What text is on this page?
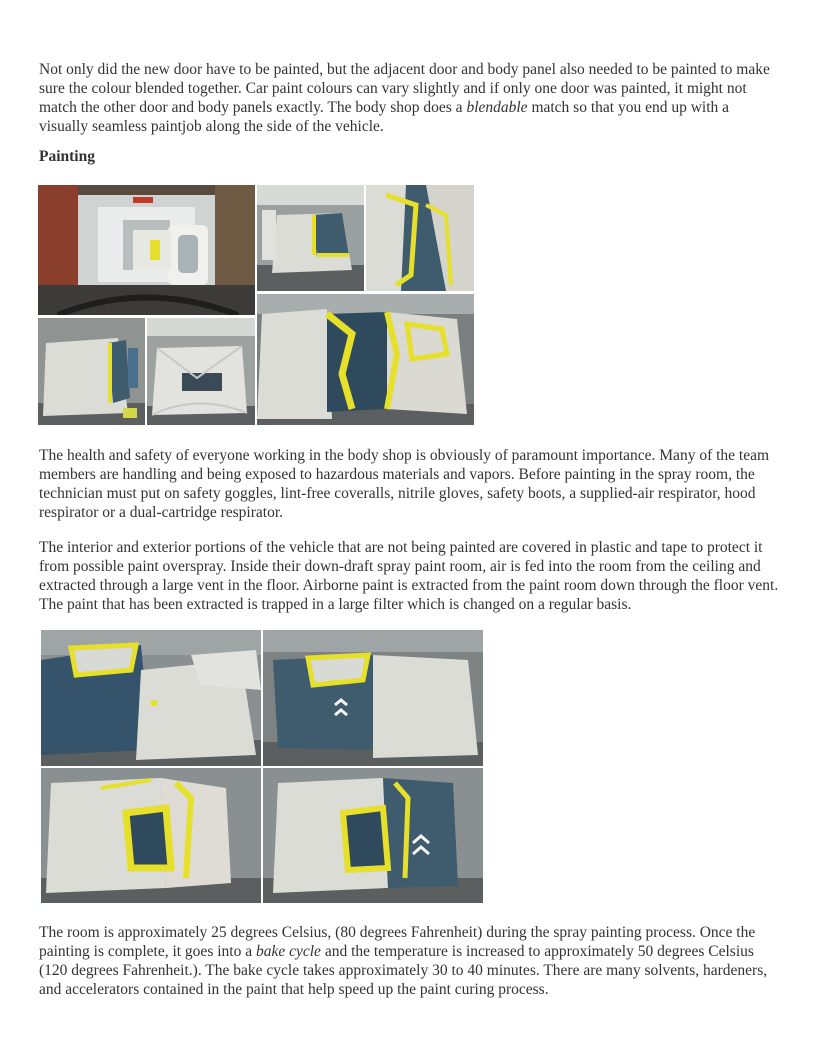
Not only did the new door have to be painted, but the adjacent door and body panel also needed to be painted to make sure the colour blended together. Car paint colours can vary slightly and if only one door was painted, it might not match the other door and body panels exactly. The body shop does a blendable match so that you end up with a visually seamless paintjob along the side of the vehicle.

Painting

The health and safety of everyone working in the body shop is obviously of paramount importance. Many of the team members are handling and being exposed to hazardous materials and vapors. Before painting in the spray room, the technician must put on safety goggles, lint-free coveralls, nitrile gloves, safety boots, a supplied-air respirator, hood respirator or a dual-cartridge respirator.

The interior and exterior portions of the vehicle that are not being painted are covered in plastic and tape to protect it from possible paint overspray. Inside their down-draft spray paint room, air is fed into the room from the ceiling and extracted through a large vent in the floor. Airborne paint is extracted from the paint room down through the floor vent. The paint that has been extracted is trapped in a large filter which is changed on a regular basis.

The room is approximately 25 degrees Celsius, (80 degrees Fahrenheit) during the spray painting process. Once the painting is complete, it goes into a bake cycle and the temperature is increased to approximately 50 degrees Celsius (120 degrees Fahrenheit.). The bake cycle takes approximately 30 to 40 minutes. There are many solvents, hardeners, and accelerators contained in the paint that help speed up the paint curing process.
